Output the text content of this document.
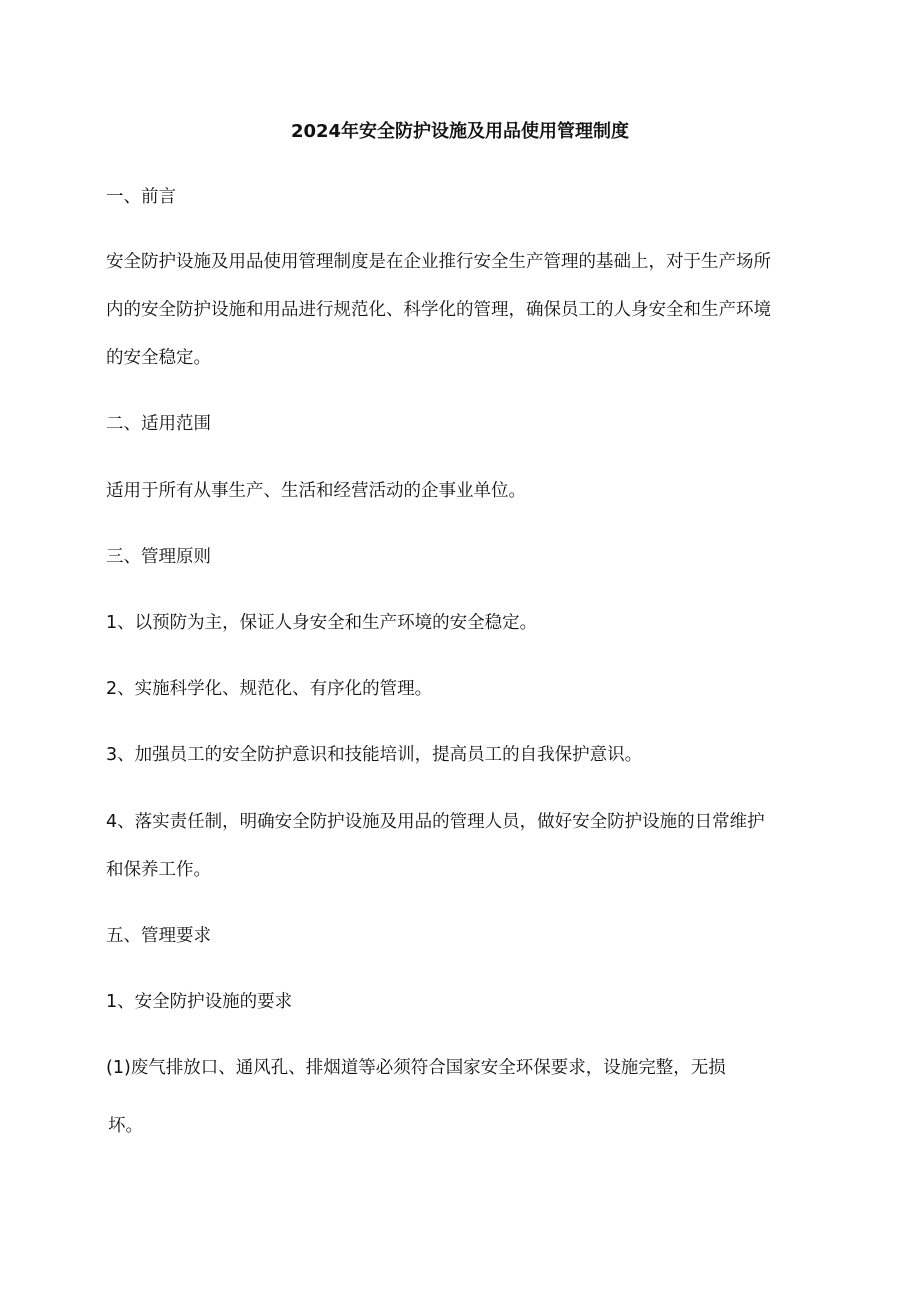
2024年安全防护设施及用品使用管理制度
一、前言
安全防护设施及用品使用管理制度是在企业推行安全生产管理的基础上，对于生产场所
内的安全防护设施和用品进行规范化、科学化的管理，确保员工的人身安全和生产环境
的安全稳定。
二、适用范围
适用于所有从事生产、生活和经营活动的企事业单位。
三、管理原则
1、以预防为主，保证人身安全和生产环境的安全稳定。
2、实施科学化、规范化、有序化的管理。
3、加强员工的安全防护意识和技能培训，提高员工的自我保护意识。
4、落实责任制，明确安全防护设施及用品的管理人员，做好安全防护设施的日常维护
和保养工作。
五、管理要求
1、安全防护设施的要求
(1)废气排放口、通风孔、排烟道等必须符合国家安全环保要求，设施完整，无损
坏。
